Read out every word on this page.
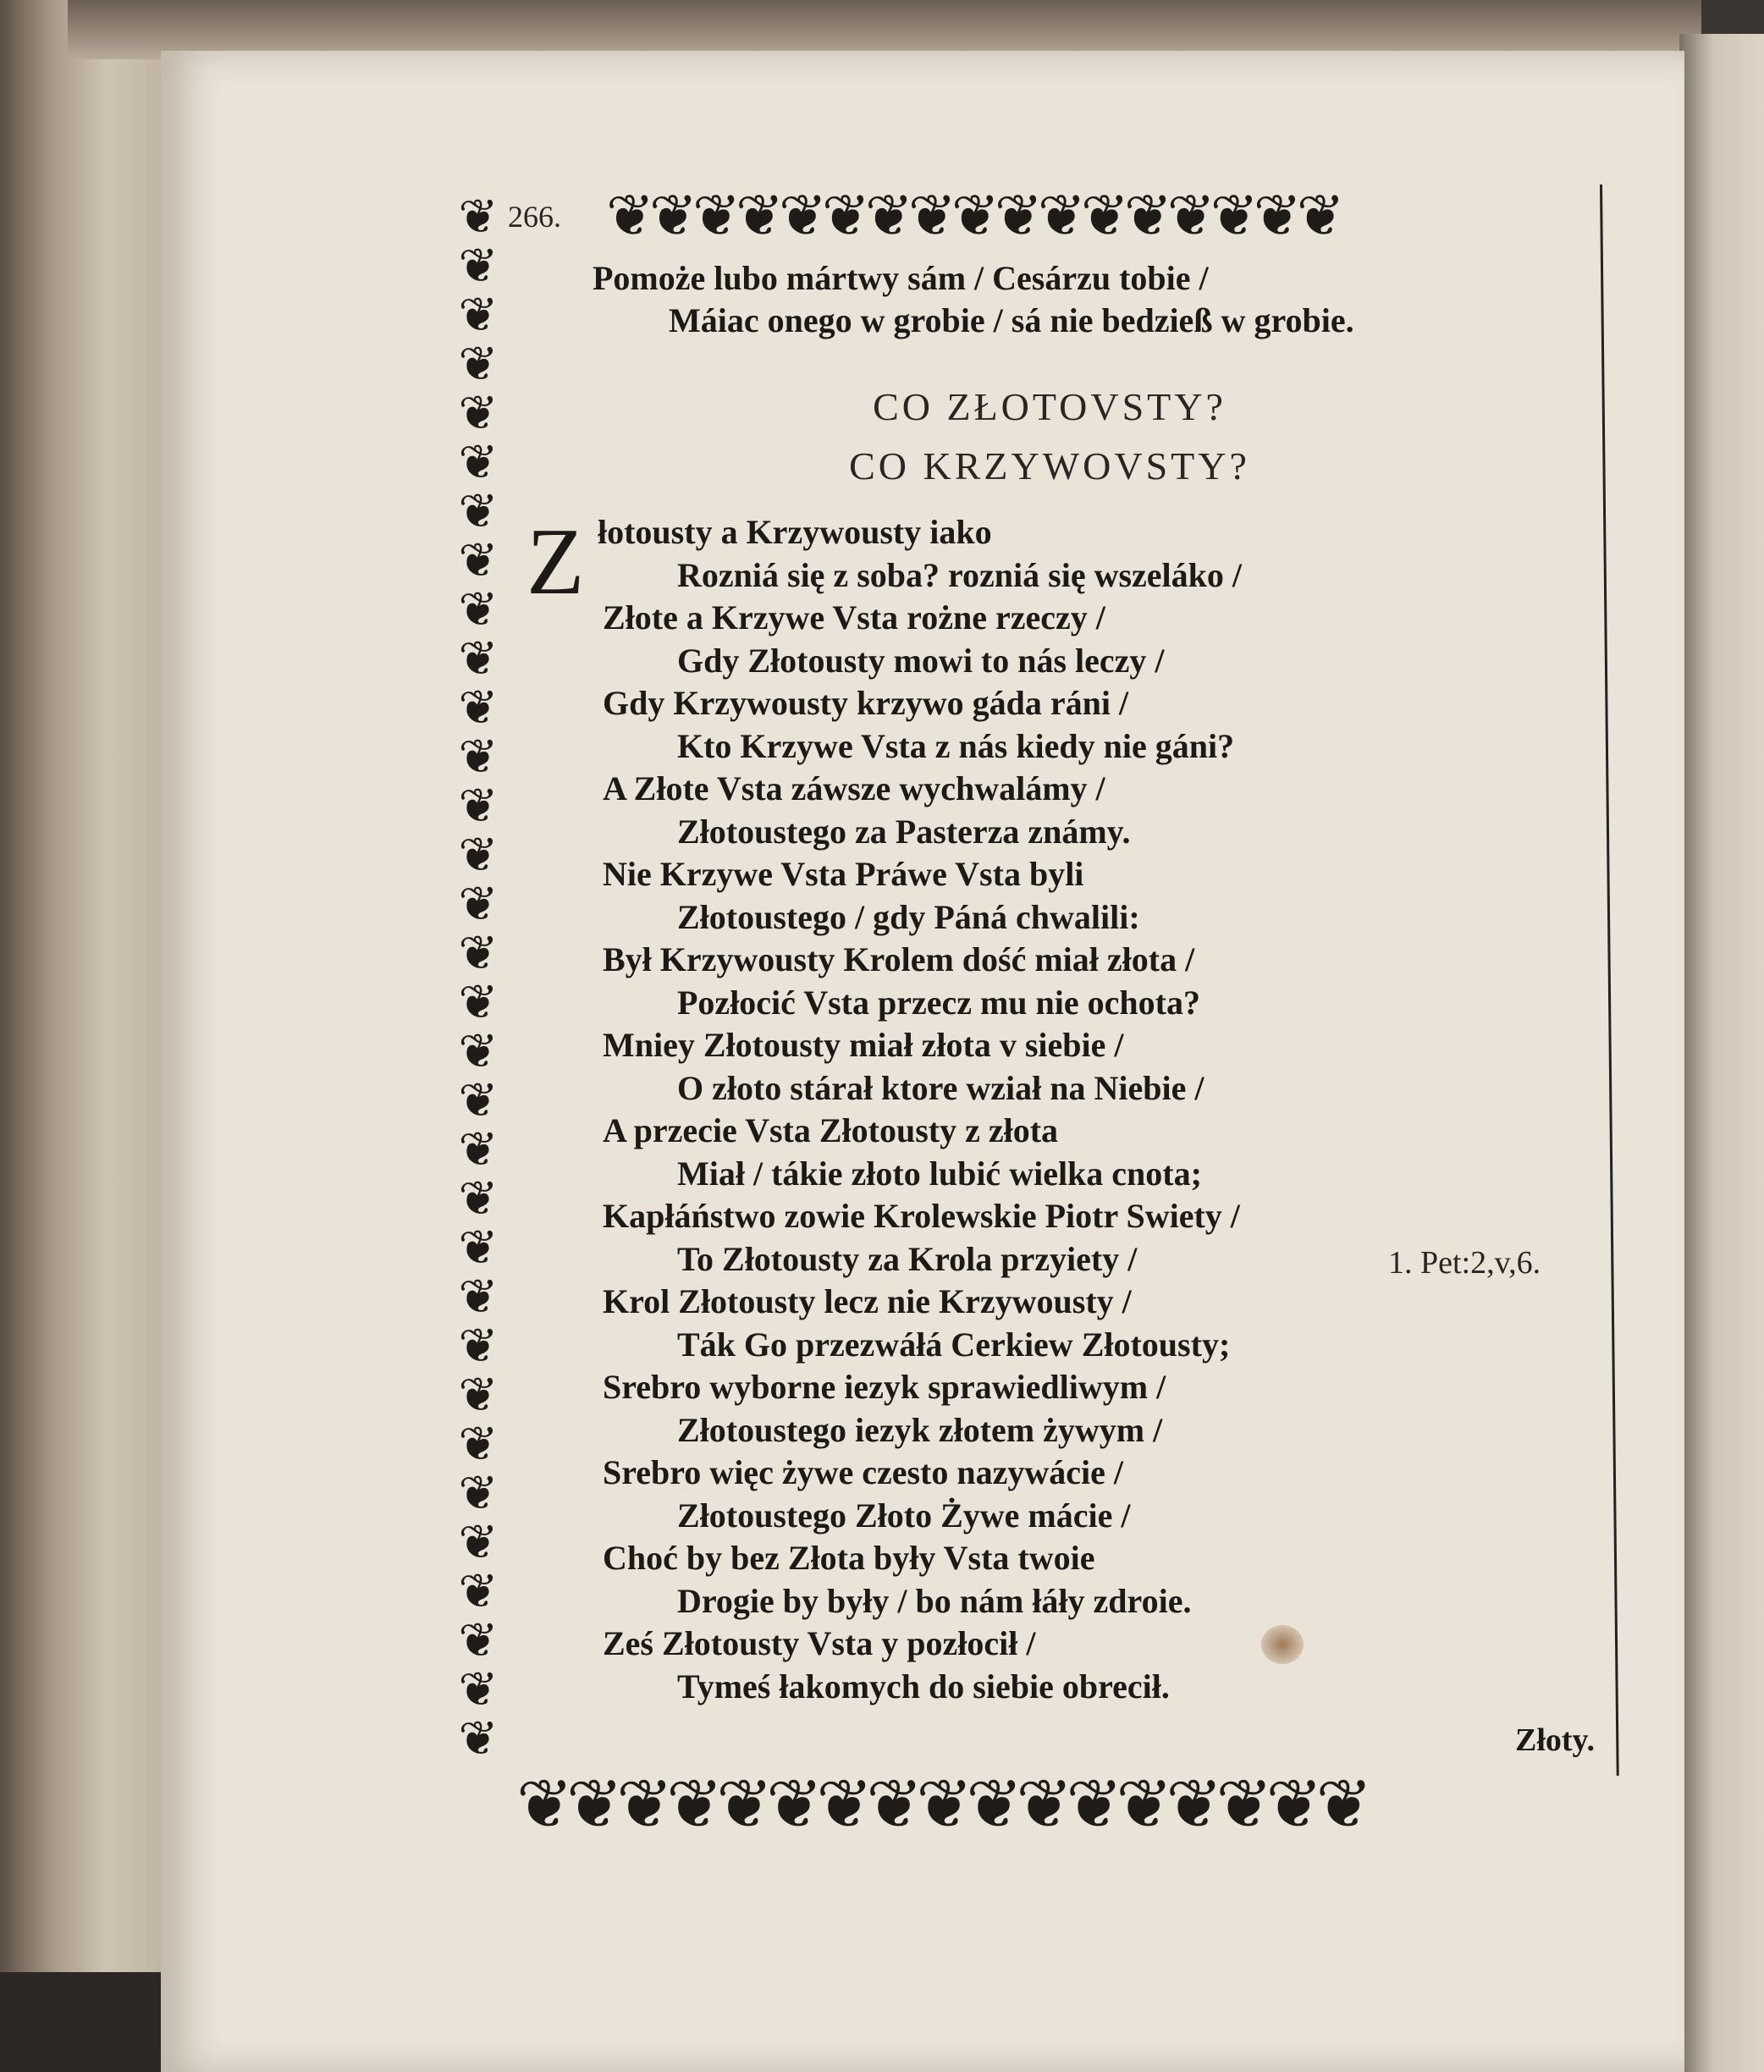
266. ❦ ❦ ❦ ❦ ❦ ❦ ❦ ❦ ❦ ❦ ❦ ❦ ❦ ❦ ❦ ❦ ❦
❦
❦
❦
❦
❦
❦
❦
❦
❦
❦
❦
❦
❦
❦
❦
❦
❦
❦
❦
❦
❦
❦
❦
❦
❦
❦
❦
❦
❦
❦
❦
❦
❦ ❦ ❦ ❦ ❦ ❦ ❦ ❦ ❦ ❦ ❦ ❦ ❦ ❦ ❦ ❦ ❦
Pomoże lubo mártwy sám / Cesárzu tobie /
Máiac onego w grobie / sá nie bedzieß w grobie.
CO ZŁOTOVSTY?
CO KRZYWOVSTY?
Z łotousty a Krzywousty iako
Rozniá się z soba? rozniá się wszeláko /
Złote a Krzywe Vsta rożne rzeczy /
Gdy Złotousty mowi to nás leczy /
Gdy Krzywousty krzywo gáda ráni /
Kto Krzywe Vsta z nás kiedy nie gáni?
A Złote Vsta záwsze wychwalámy /
Złotoustego za Pasterza známy.
Nie Krzywe Vsta Práwe Vsta byli
Złotoustego / gdy Páná chwalili:
Był Krzywousty Krolem dość miał złota /
Pozłocić Vsta przecz mu nie ochota?
Mniey Złotousty miał złota v siebie /
O złoto stárał ktore wział na Niebie /
A przecie Vsta Złotousty z złota
Miał / tákie złoto lubić wielka cnota;
Kapłáństwo zowie Krolewskie Piotr Swiety /
To Złotousty za Krola przyiety /
Krol Złotousty lecz nie Krzywousty /
Ták Go przezwáłá Cerkiew Złotousty;
Srebro wyborne iezyk sprawiedliwym /
Złotoustego iezyk złotem żywym /
Srebro więc żywe czesto nazywácie /
Złotoustego Złoto Żywe mácie /
Choć by bez Złota były Vsta twoie
Drogie by były / bo nám łáły zdroie.
Ześ Złotousty Vsta y pozłocił /
Tymeś łakomych do siebie obrecił.
1. Pet:2,v,6.
Złoty.
